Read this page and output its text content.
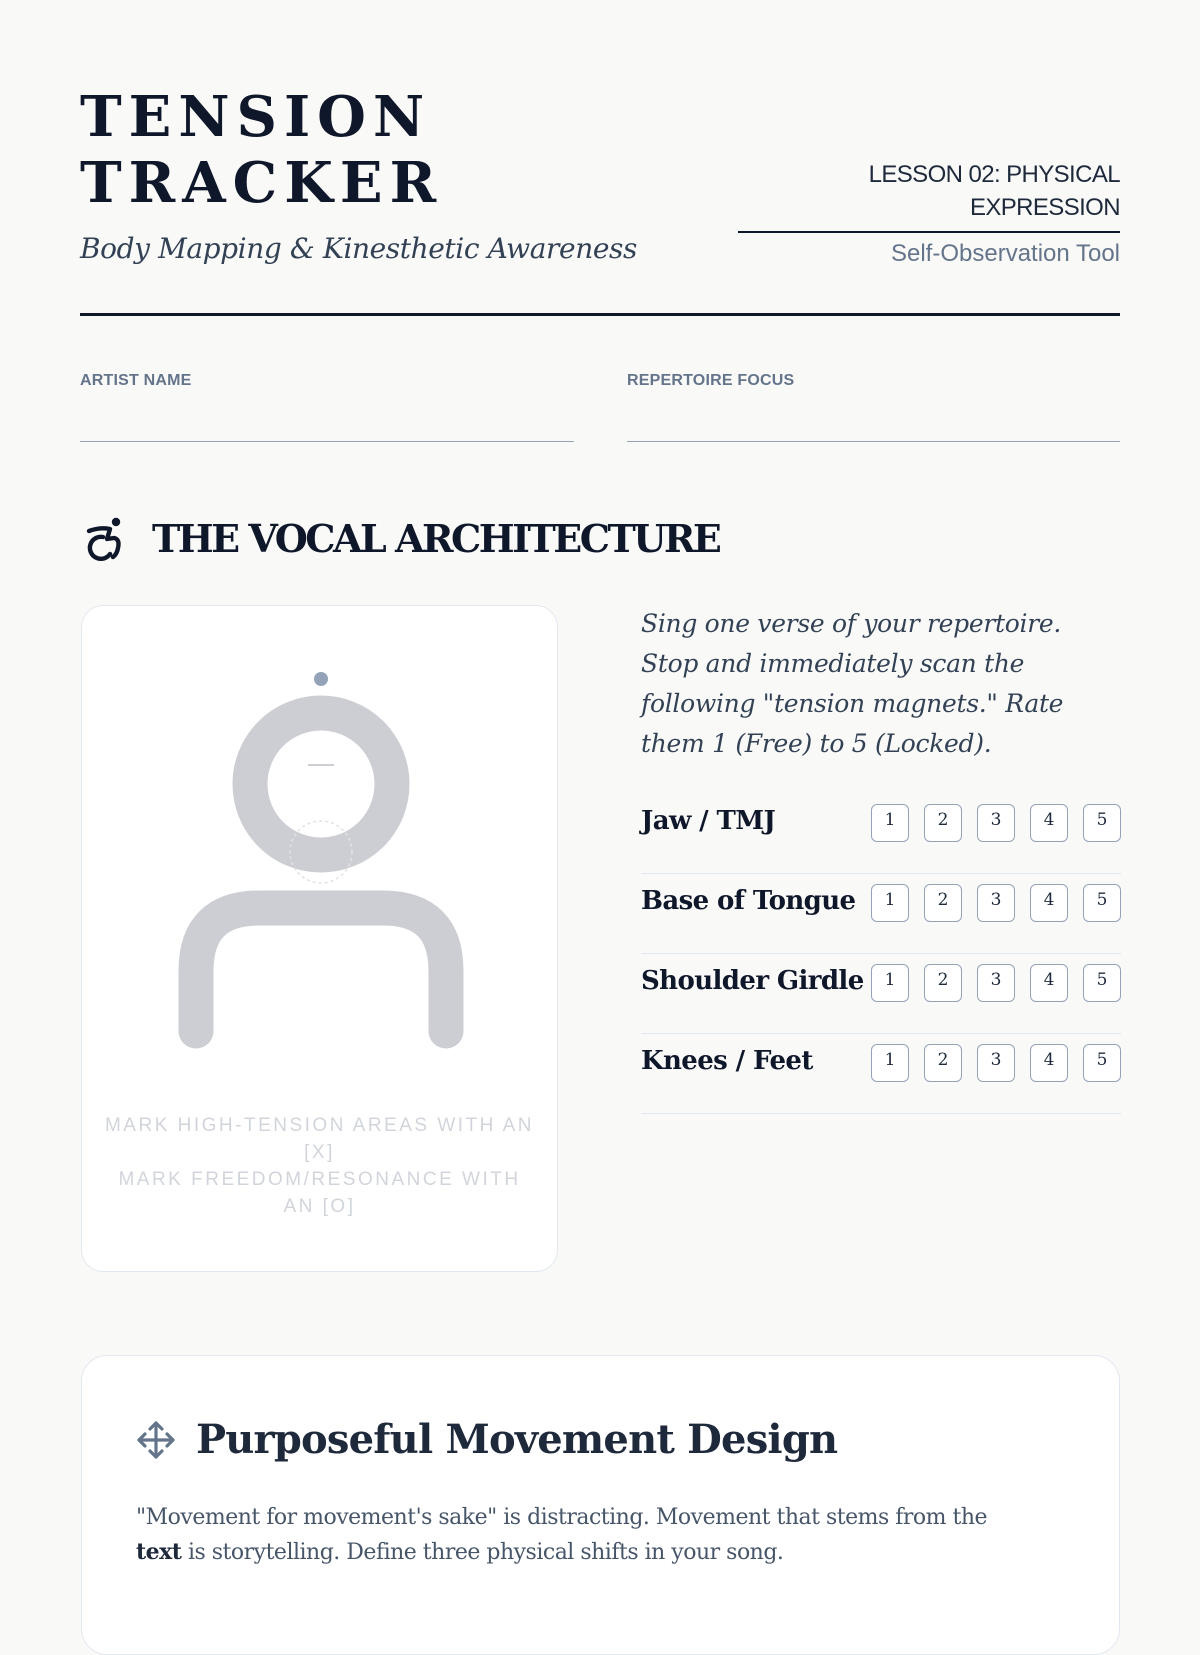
TENSION
TRACKER
Body Mapping & Kinesthetic Awareness
LESSON 02: PHYSICAL EXPRESSION
Self-Observation Tool
ARTIST NAME	REPERTOIRE FOCUS
THE VOCAL ARCHITECTURE
MARK HIGH-TENSION AREAS WITH AN [X]
MARK FREEDOM/RESONANCE WITH AN [O]

Sing one verse of your repertoire. Stop and immediately scan the following "tension magnets." Rate them 1 (Free) to 5 (Locked).

Jaw / TMJ	1	2	3	4	5
Base of Tongue	1	2	3	4	5
Shoulder Girdle	1	2	3	4	5
Knees / Feet	1	2	3	4	5
Purposeful Movement Design

"Movement for movement's sake" is distracting. Movement that stems from the
text is storytelling. Define three physical shifts in your song.
